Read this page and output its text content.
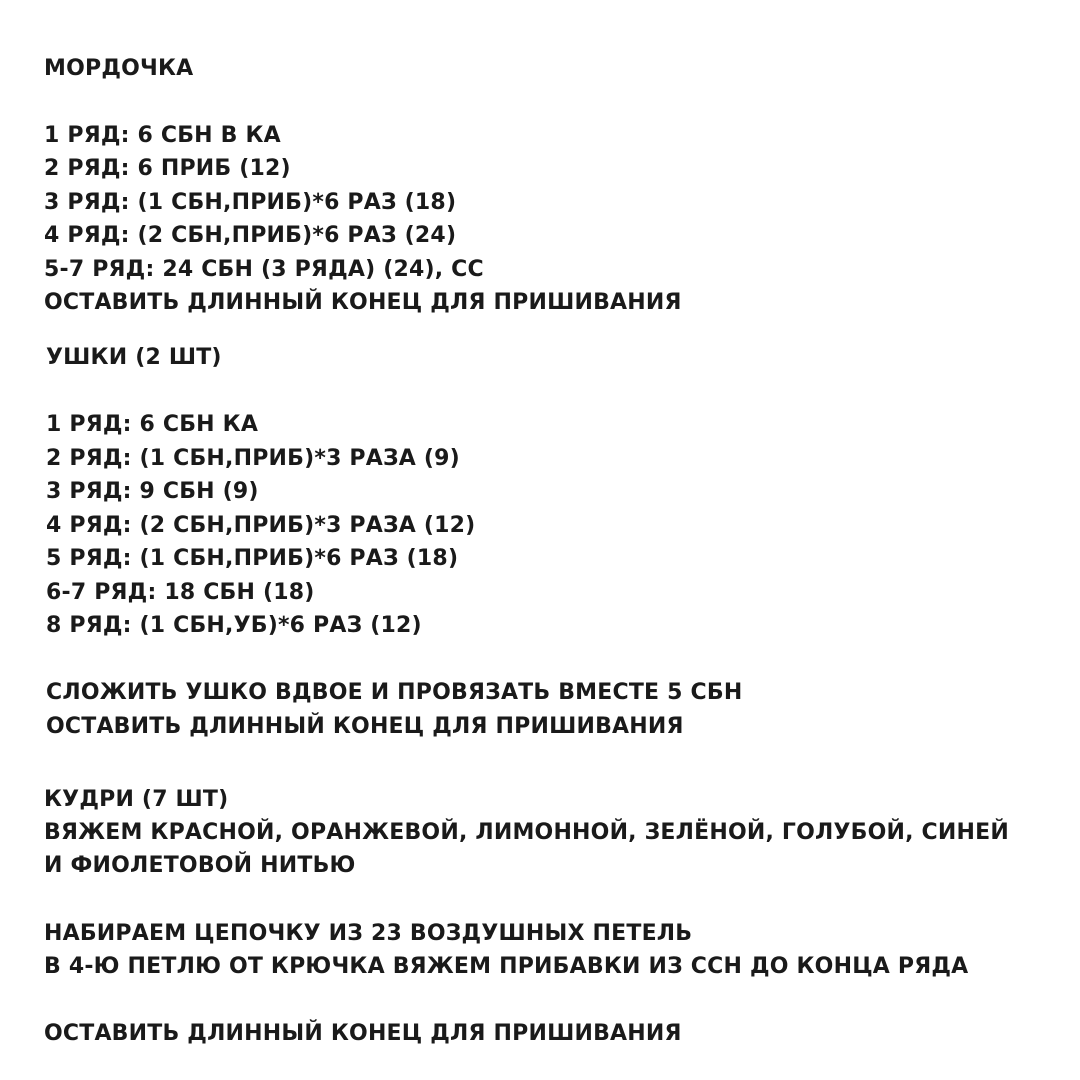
МОРДОЧКА
1 РЯД: 6 СБН В КА
2 РЯД: 6 ПРИБ (12)
3 РЯД: (1 СБН,ПРИБ)*6 РАЗ (18)
4 РЯД: (2 СБН,ПРИБ)*6 РАЗ (24)
5-7 РЯД: 24 СБН (3 РЯДА) (24), СС
ОСТАВИТЬ ДЛИННЫЙ КОНЕЦ ДЛЯ ПРИШИВАНИЯ
УШКИ (2 ШТ)
1 РЯД: 6 СБН КА
2 РЯД: (1 СБН,ПРИБ)*3 РАЗА (9)
3 РЯД: 9 СБН (9)
4 РЯД: (2 СБН,ПРИБ)*3 РАЗА (12)
5 РЯД: (1 СБН,ПРИБ)*6 РАЗ (18)
6-7 РЯД: 18 СБН (18)
8 РЯД: (1 СБН,УБ)*6 РАЗ (12)
СЛОЖИТЬ УШКО ВДВОЕ И ПРОВЯЗАТЬ ВМЕСТЕ 5 СБН
ОСТАВИТЬ ДЛИННЫЙ КОНЕЦ ДЛЯ ПРИШИВАНИЯ
КУДРИ (7 ШТ)
ВЯЖЕМ КРАСНОЙ, ОРАНЖЕВОЙ, ЛИМОННОЙ, ЗЕЛЁНОЙ, ГОЛУБОЙ, СИНЕЙ
И ФИОЛЕТОВОЙ НИТЬЮ
НАБИРАЕМ ЦЕПОЧКУ ИЗ 23 ВОЗДУШНЫХ ПЕТЕЛЬ
В 4-Ю ПЕТЛЮ ОТ КРЮЧКА ВЯЖЕМ ПРИБАВКИ ИЗ ССН ДО КОНЦА РЯДА
ОСТАВИТЬ ДЛИННЫЙ КОНЕЦ ДЛЯ ПРИШИВАНИЯ
